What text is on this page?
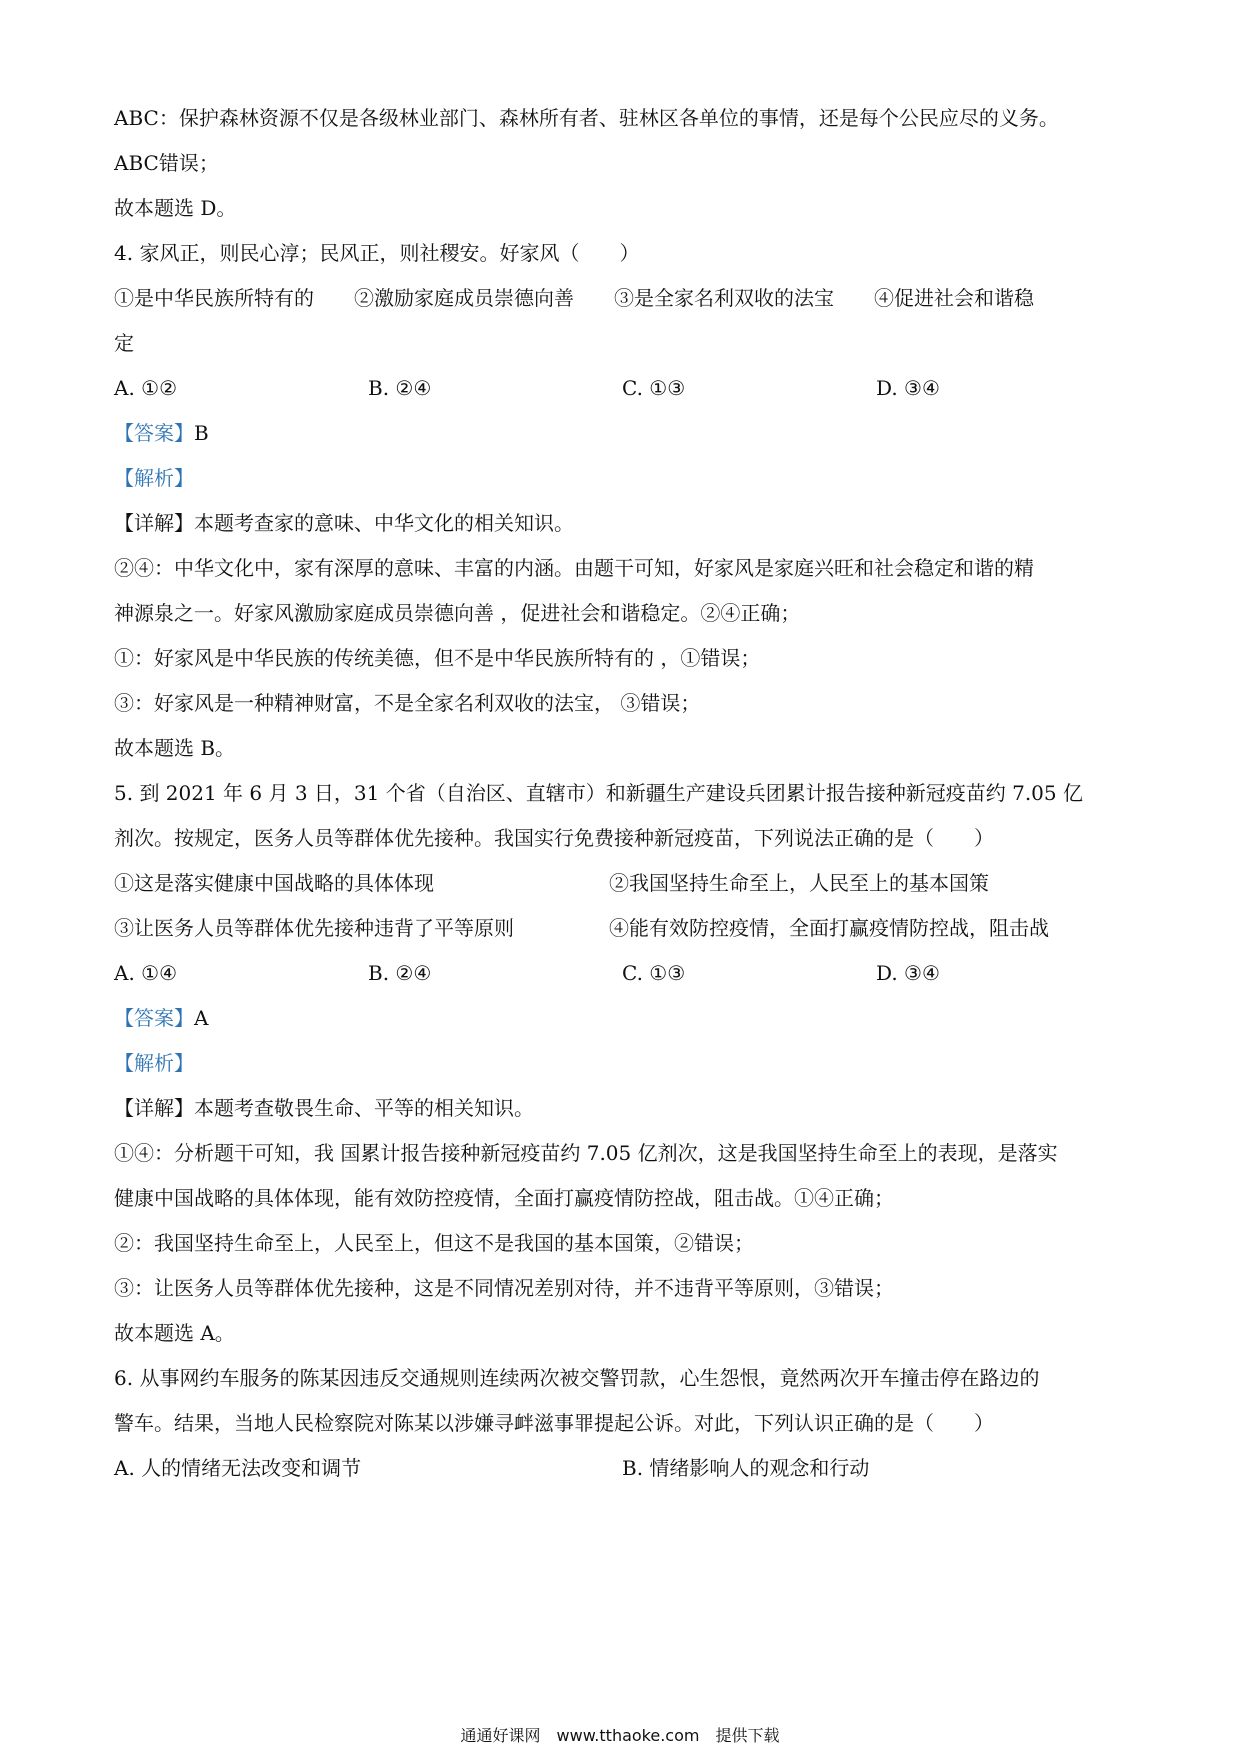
ABC：保护森林资源不仅是各级林业部门、森林所有者、驻林区各单位的事情，还是每个公民应尽的义务。
ABC错误；
故本题选 D。
4. 家风正，则民心淳；民风正，则社稷安。好家风（　　）
①是中华民族所特有的　　②激励家庭成员崇德向善　　③是全家名利双收的法宝　　④促进社会和谐稳
定
A. ①②	B. ②④	C. ①③	D. ③④
【答案】B
【解析】
【详解】本题考查家的意味、中华文化的相关知识。
②④：中华文化中，家有深厚的意味、丰富的内涵。由题干可知，好家风是家庭兴旺和社会稳定和谐的精
神源泉之一。好家风激励家庭成员崇德向善 ，促进社会和谐稳定。②④正确；
①：好家风是中华民族的传统美德，但不是中华民族所特有的 ，①错误；
③：好家风是一种精神财富，不是全家名利双收的法宝， ③错误；
故本题选 B。
5. 到 2021 年 6 月 3 日，31 个省（自治区、直辖市）和新疆生产建设兵团累计报告接种新冠疫苗约 7.05 亿
剂次。按规定，医务人员等群体优先接种。我国实行免费接种新冠疫苗，下列说法正确的是（　　）
①这是落实健康中国战略的具体体现	②我国坚持生命至上，人民至上的基本国策
③让医务人员等群体优先接种违背了平等原则	④能有效防控疫情，全面打赢疫情防控战，阻击战
A. ①④	B. ②④	C. ①③	D. ③④
【答案】A
【解析】
【详解】本题考查敬畏生命、平等的相关知识。
①④：分析题干可知，我 国累计报告接种新冠疫苗约 7.05 亿剂次，这是我国坚持生命至上的表现，是落实
健康中国战略的具体体现，能有效防控疫情，全面打赢疫情防控战，阻击战。①④正确；
②：我国坚持生命至上，人民至上，但这不是我国的基本国策，②错误；
③：让医务人员等群体优先接种，这是不同情况差别对待，并不违背平等原则，③错误；
故本题选 A。
6. 从事网约车服务的陈某因违反交通规则连续两次被交警罚款，心生怨恨，竟然两次开车撞击停在路边的
警车。结果，当地人民检察院对陈某以涉嫌寻衅滋事罪提起公诉。对此，下列认识正确的是（　　）
A. 人的情绪无法改变和调节	B. 情绪影响人的观念和行动
通通好课网　www.tthaoke.com　提供下载
